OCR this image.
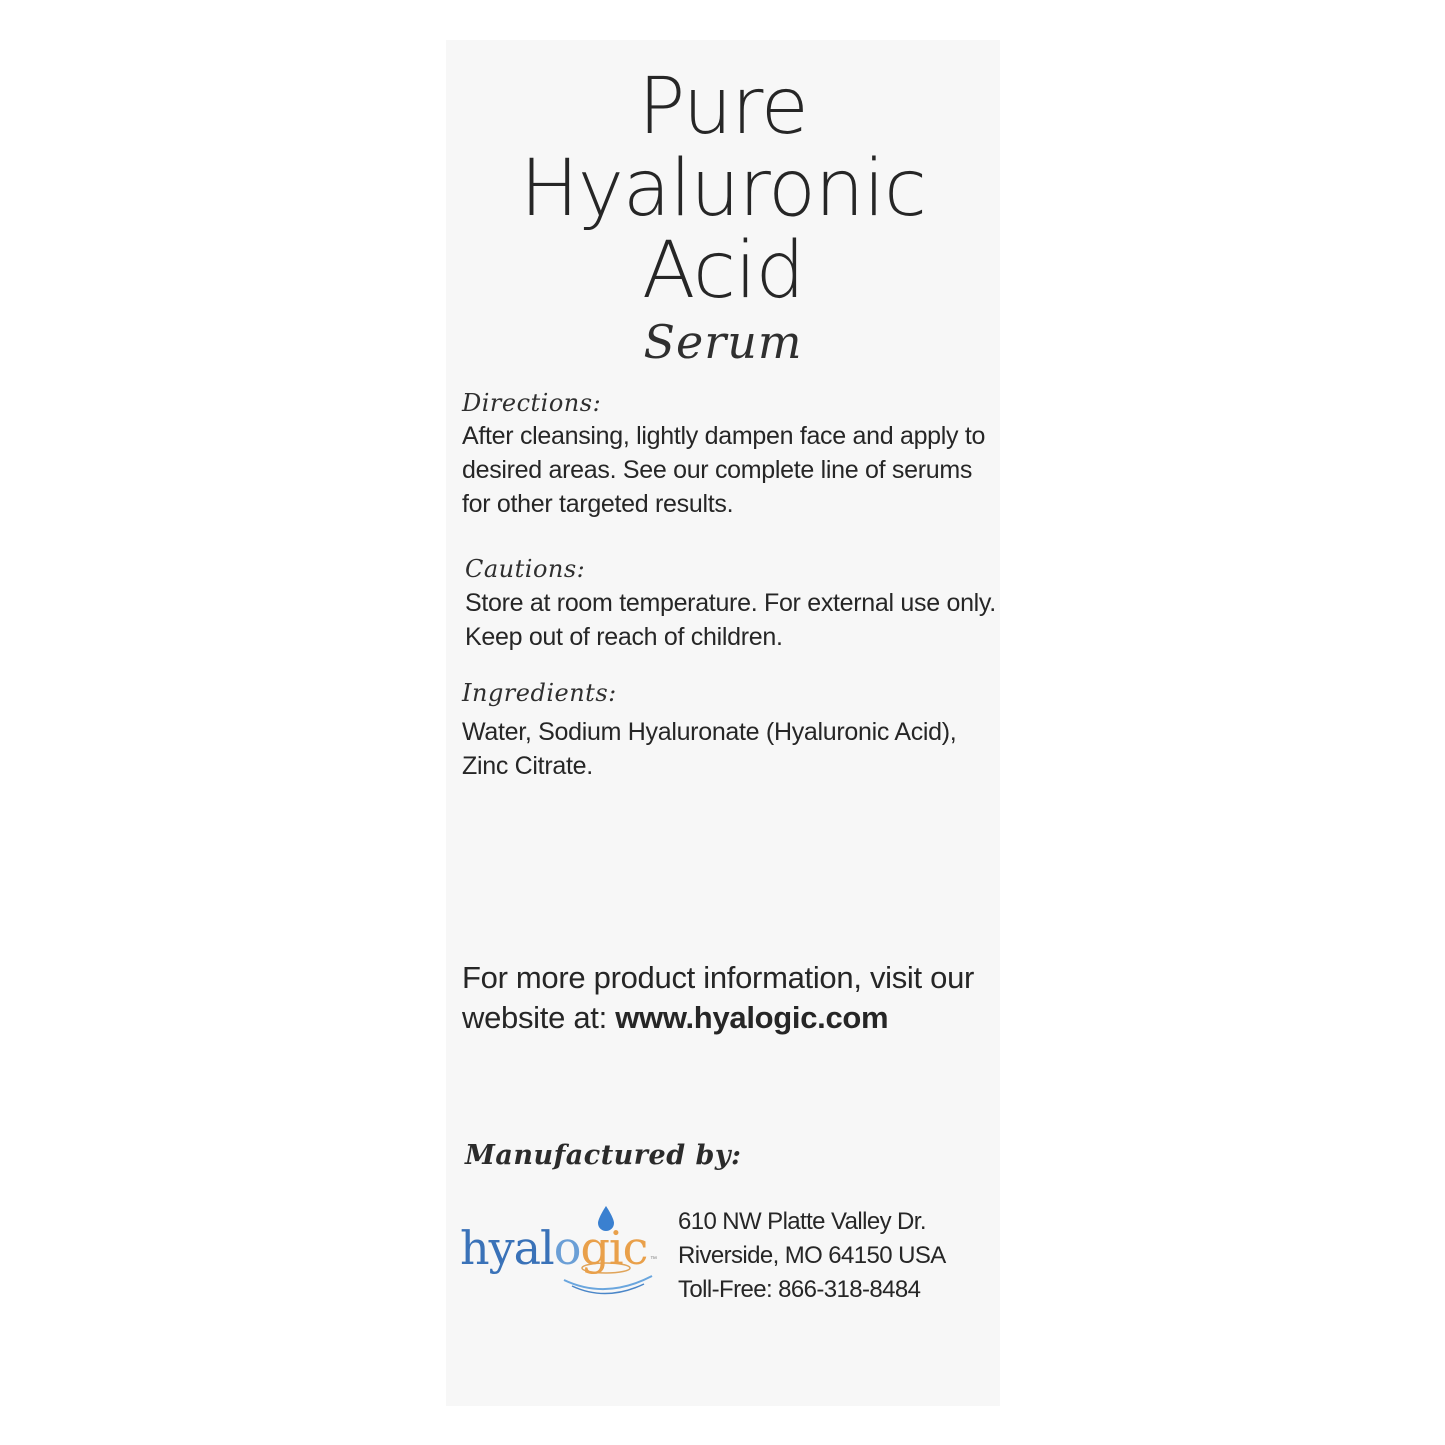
Pure
Hyaluronic
Acid
Serum
Directions:
After cleansing, lightly dampen face and apply to
desired areas. See our complete line of serums
for other targeted results.
Cautions:
Store at room temperature. For external use only.
Keep out of reach of children.
Ingredients:
Water, Sodium Hyaluronate (Hyaluronic Acid),
Zinc Citrate.
For more product information, visit our
website at: www.hyalogic.com
Manufactured by:
hyalogic ™
610 NW Platte Valley Dr.
Riverside, MO 64150 USA
Toll-Free: 866-318-8484
